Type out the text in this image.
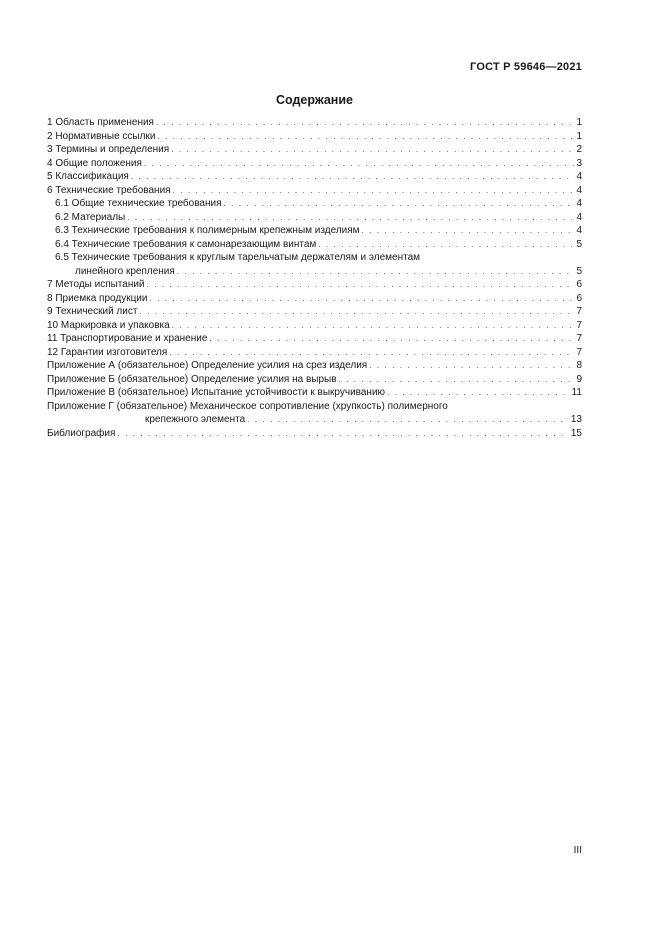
ГОСТ Р 59646—2021
Содержание
1 Область применения . . .	1
2 Нормативные ссылки . . .	1
3 Термины и определения . . .	2
4 Общие положения . . .	3
5 Классификация . . .	4
6 Технические требования . . .	4
6.1 Общие технические требования . . .	4
6.2 Материалы . . .	4
6.3 Технические требования к полимерным крепежным изделиям . . .	4
6.4 Технические требования к самонарезающим винтам . . .	5
6.5 Технические требования к круглым тарельчатым держателям и элементам
линейного крепления . . .	5
7 Методы испытаний . . .	6
8 Приемка продукции . . .	6
9 Технический лист . . .	7
10 Маркировка и упаковка . . .	7
11 Транспортирование и хранение . . .	7
12 Гарантии изготовителя . . .	7
Приложение А (обязательное) Определение усилия на срез изделия . . .	8
Приложение Б (обязательное) Определение усилия на вырыв . . .	9
Приложение В (обязательное) Испытание устойчивости к выкручиванию . . .	11
Приложение Г (обязательное) Механическое сопротивление (хрупкость) полимерного
крепежного элемента . . .	13
Библиография . . .	15
III
